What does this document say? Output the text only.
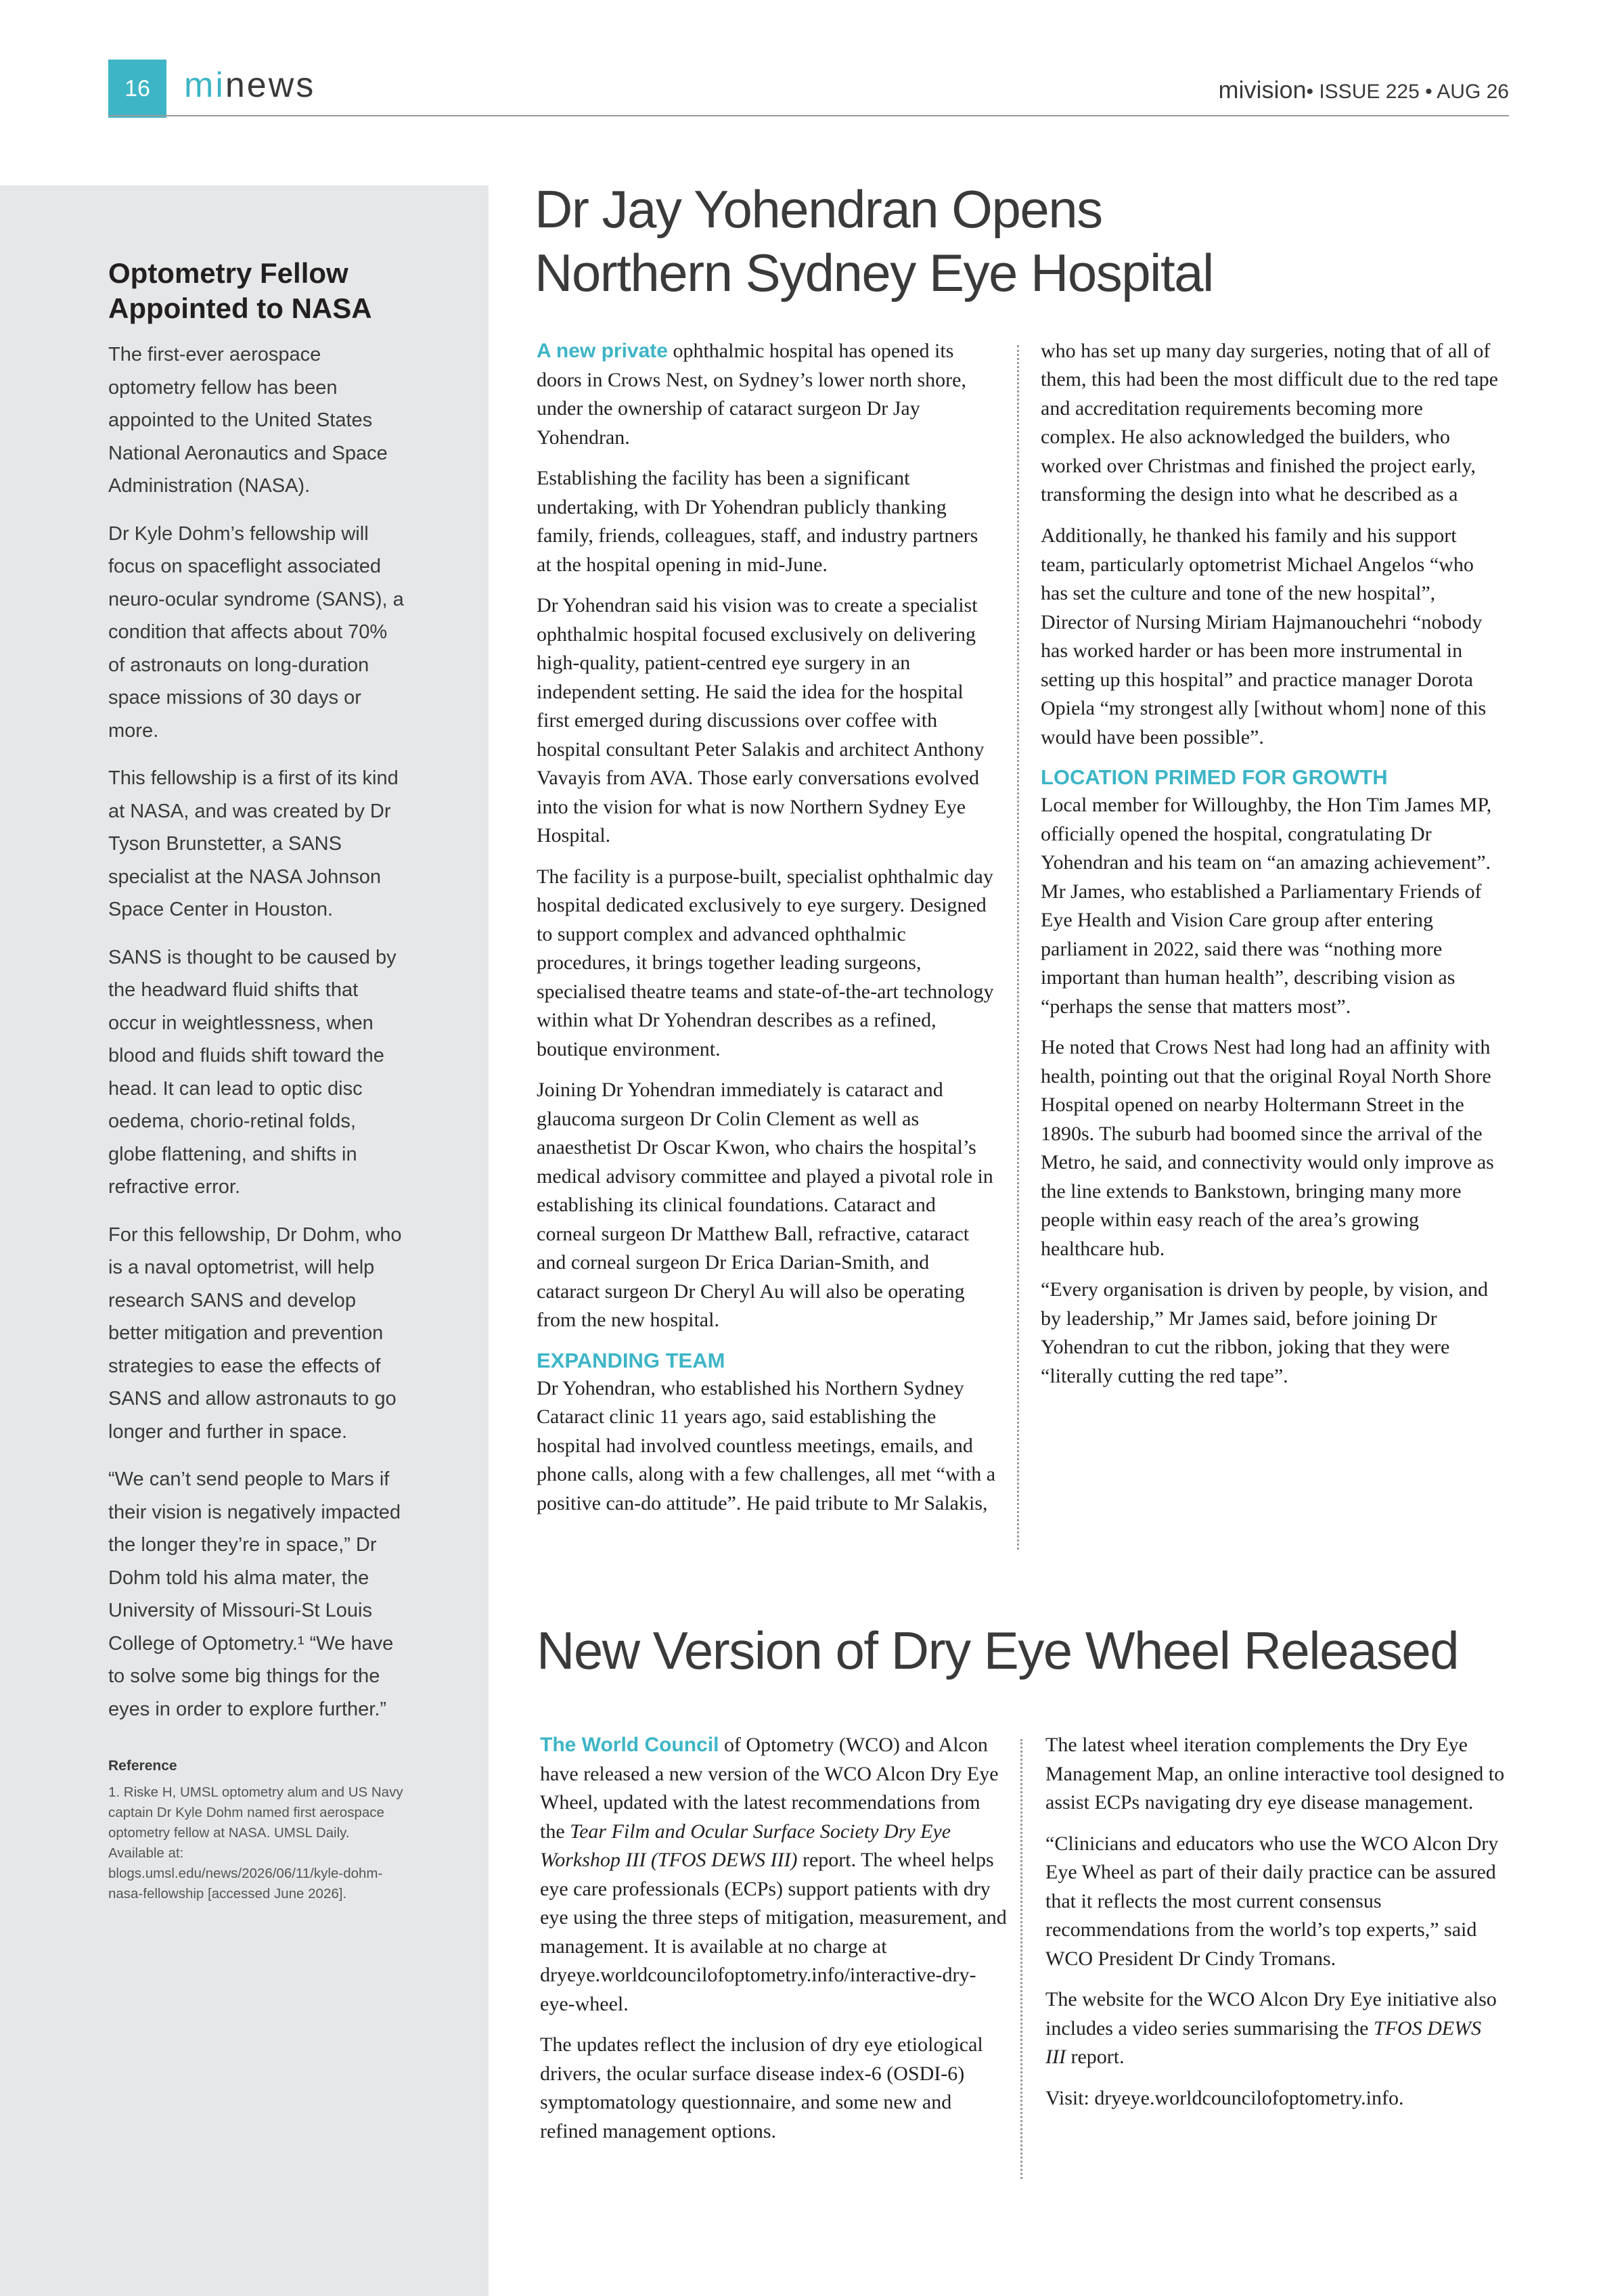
16 minews	mivision• ISSUE 225 • AUG 26
Optometry Fellow Appointed to NASA

The first-ever aerospace optometry fellow has been appointed to the United States National Aeronautics and Space Administration (NASA).

Dr Kyle Dohm’s fellowship will focus on spaceflight associated neuro-ocular syndrome (SANS), a condition that affects about 70% of astronauts on long-duration space missions of 30 days or more.

This fellowship is a first of its kind at NASA, and was created by Dr Tyson Brunstetter, a SANS specialist at the NASA Johnson Space Center in Houston.

SANS is thought to be caused by the headward fluid shifts that occur in weightlessness, when blood and fluids shift toward the head. It can lead to optic disc oedema, chorio-retinal folds, globe flattening, and shifts in refractive error.

For this fellowship, Dr Dohm, who is a naval optometrist, will help research SANS and develop better mitigation and prevention strategies to ease the effects of SANS and allow astronauts to go longer and further in space.

“We can’t send people to Mars if their vision is negatively impacted the longer they’re in space,” Dr Dohm told his alma mater, the University of Missouri-St Louis College of Optometry.¹ “We have to solve some big things for the eyes in order to explore further.”

Reference
1. Riske H, UMSL optometry alum and US Navy captain Dr Kyle Dohm named first aerospace optometry fellow at NASA. UMSL Daily. Available at: blogs.umsl.edu/news/2026/06/11/kyle-dohm-nasa-fellowship [accessed June 2026].
Dr Jay Yohendran Opens
Northern Sydney Eye Hospital

A new private ophthalmic hospital has opened its doors in Crows Nest, on Sydney’s lower north shore, under the ownership of cataract surgeon Dr Jay Yohendran.

Establishing the facility has been a significant undertaking, with Dr Yohendran publicly thanking family, friends, colleagues, staff, and industry partners at the hospital opening in mid-June.

Dr Yohendran said his vision was to create a specialist ophthalmic hospital focused exclusively on delivering high-quality, patient-centred eye surgery in an independent setting. He said the idea for the hospital first emerged during discussions over coffee with hospital consultant Peter Salakis and architect Anthony Vavayis from AVA. Those early conversations evolved into the vision for what is now Northern Sydney Eye Hospital.

The facility is a purpose-built, specialist ophthalmic day hospital dedicated exclusively to eye surgery. Designed to support complex and advanced ophthalmic procedures, it brings together leading surgeons, specialised theatre teams and state-of-the-art technology within what Dr Yohendran describes as a refined, boutique environment.

Joining Dr Yohendran immediately is cataract and glaucoma surgeon Dr Colin Clement as well as anaesthetist Dr Oscar Kwon, who chairs the hospital’s medical advisory committee and played a pivotal role in establishing its clinical foundations. Cataract and corneal surgeon Dr Matthew Ball, refractive, cataract and corneal surgeon Dr Erica Darian-Smith, and cataract surgeon Dr Cheryl Au will also be operating from the new hospital.

EXPANDING TEAM

Dr Yohendran, who established his Northern Sydney Cataract clinic 11 years ago, said establishing the hospital had involved countless meetings, emails, and phone calls, along with a few challenges, all met “with a positive can-do attitude”. He paid tribute to Mr Salakis,

who has set up many day surgeries, noting that of all of them, this had been the most difficult due to the red tape and accreditation requirements becoming more complex. He also acknowledged the builders, who worked over Christmas and finished the project early, transforming the design into what he described as a

Additionally, he thanked his family and his support team, particularly optometrist Michael Angelos “who has set the culture and tone of the new hospital”, Director of Nursing Miriam Hajmanouchehri “nobody has worked harder or has been more instrumental in setting up this hospital” and practice manager Dorota Opiela “my strongest ally [without whom] none of this would have been possible”.

LOCATION PRIMED FOR GROWTH

Local member for Willoughby, the Hon Tim James MP, officially opened the hospital, congratulating Dr Yohendran and his team on “an amazing achievement”. Mr James, who established a Parliamentary Friends of Eye Health and Vision Care group after entering parliament in 2022, said there was “nothing more important than human health”, describing vision as “perhaps the sense that matters most”.

He noted that Crows Nest had long had an affinity with health, pointing out that the original Royal North Shore Hospital opened on nearby Holtermann Street in the 1890s. The suburb had boomed since the arrival of the Metro, he said, and connectivity would only improve as the line extends to Bankstown, bringing many more people within easy reach of the area’s growing healthcare hub.

“Every organisation is driven by people, by vision, and by leadership,” Mr James said, before joining Dr Yohendran to cut the ribbon, joking that they were “literally cutting the red tape”.

New Version of Dry Eye Wheel Released

The World Council of Optometry (WCO) and Alcon have released a new version of the WCO Alcon Dry Eye Wheel, updated with the latest recommendations from the Tear Film and Ocular Surface Society Dry Eye Workshop III (TFOS DEWS III) report. The wheel helps eye care professionals (ECPs) support patients with dry eye using the three steps of mitigation, measurement, and management. It is available at no charge at dryeye.worldcouncilofoptometry.info/interactive-dry-eye-wheel.

The updates reflect the inclusion of dry eye etiological drivers, the ocular surface disease index-6 (OSDI-6) symptomatology questionnaire, and some new and refined management options.

The latest wheel iteration complements the Dry Eye Management Map, an online interactive tool designed to assist ECPs navigating dry eye disease management.

“Clinicians and educators who use the WCO Alcon Dry Eye Wheel as part of their daily practice can be assured that it reflects the most current consensus recommendations from the world’s top experts,” said WCO President Dr Cindy Tromans.

The website for the WCO Alcon Dry Eye initiative also includes a video series summarising the TFOS DEWS III report.

Visit: dryeye.worldcouncilofoptometry.info.
